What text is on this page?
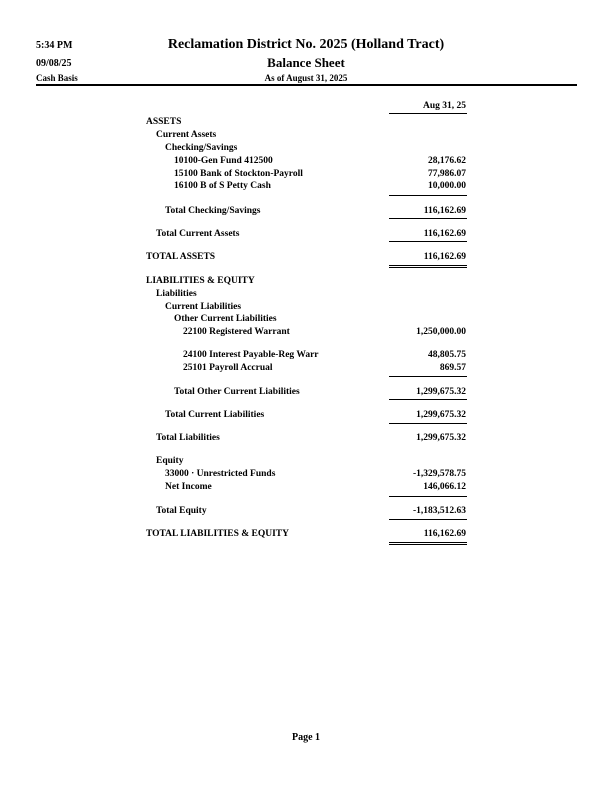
5:34 PM
09/08/25
Cash Basis
Reclamation District No. 2025 (Holland Tract)
Balance Sheet
As of August 31, 2025
Aug 31, 25
ASSETS
Current Assets
Checking/Savings
10100-Gen Fund 412500	28,176.62
15100 Bank of Stockton-Payroll	77,986.07
16100 B of S Petty Cash	10,000.00
Total Checking/Savings	116,162.69
Total Current Assets	116,162.69
TOTAL ASSETS	116,162.69
LIABILITIES & EQUITY
Liabilities
Current Liabilities
Other Current Liabilities
22100 Registered Warrant	1,250,000.00
24100 Interest Payable-Reg Warr	48,805.75
25101 Payroll Accrual	869.57
Total Other Current Liabilities	1,299,675.32
Total Current Liabilities	1,299,675.32
Total Liabilities	1,299,675.32
Equity
33000 · Unrestricted Funds	-1,329,578.75
Net Income	146,066.12
Total Equity	-1,183,512.63
TOTAL LIABILITIES & EQUITY	116,162.69
Page 1
